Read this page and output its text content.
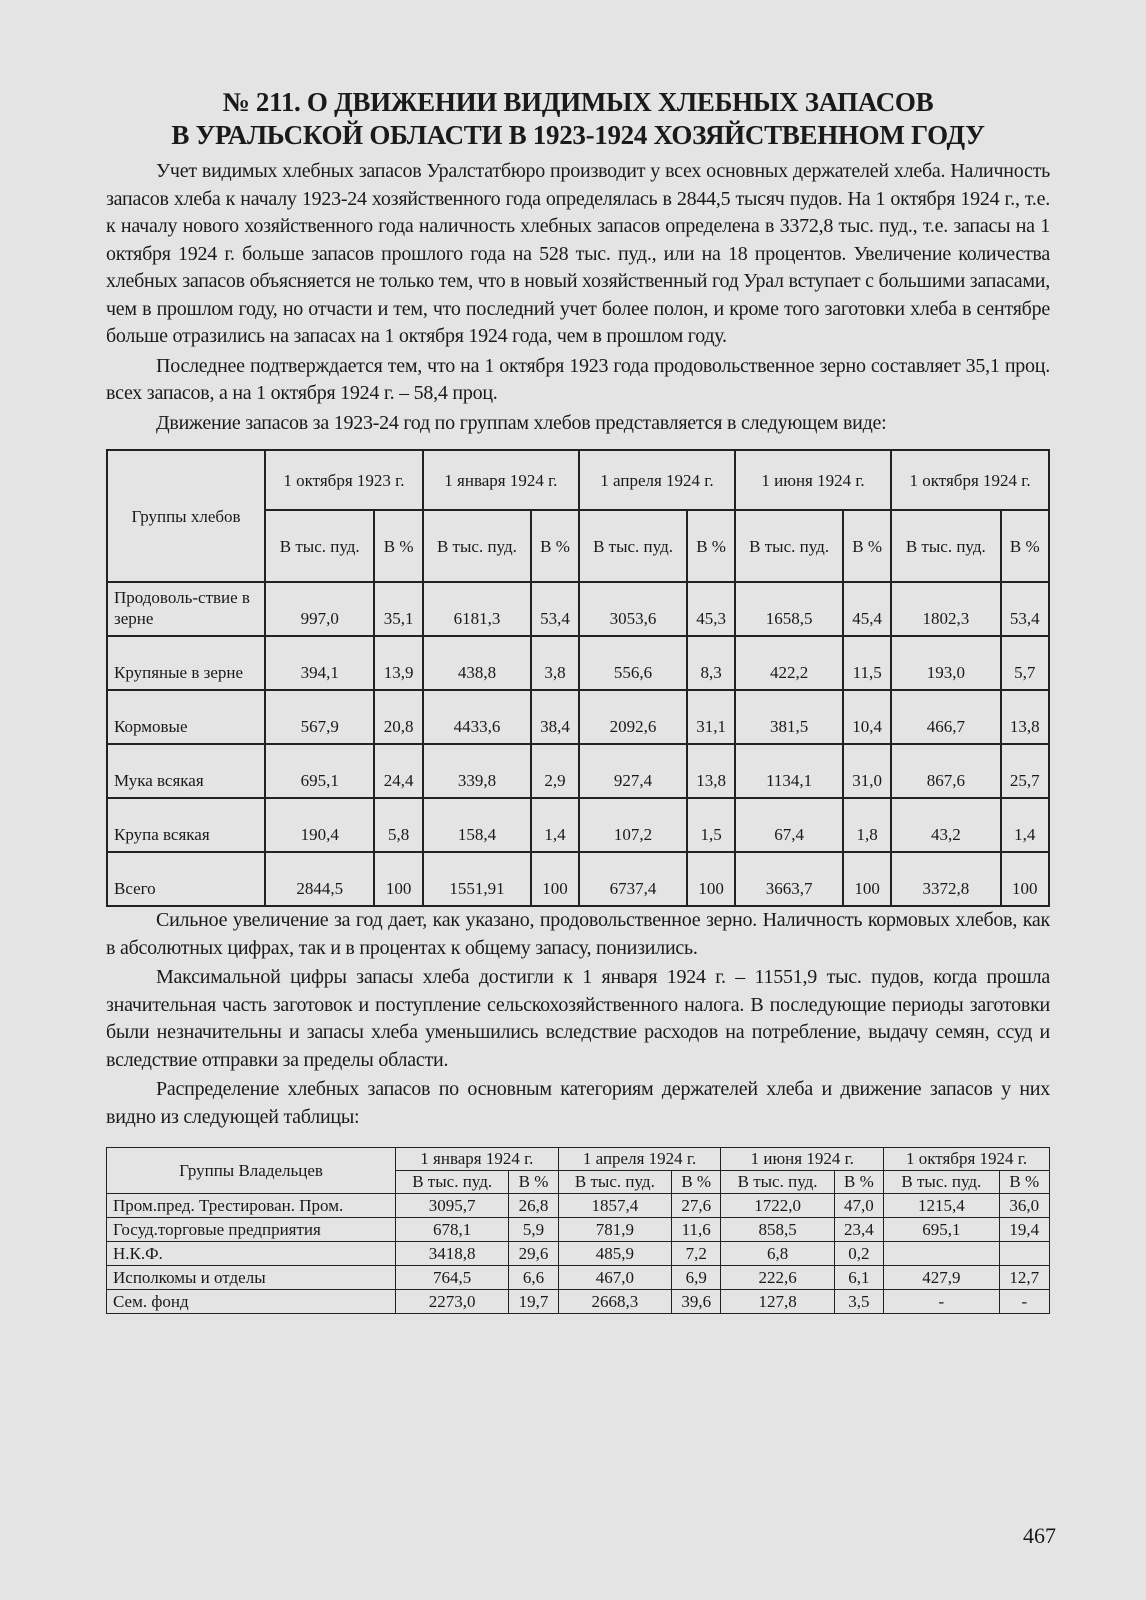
№ 211. О ДВИЖЕНИИ ВИДИМЫХ ХЛЕБНЫХ ЗАПАСОВ
В УРАЛЬСКОЙ ОБЛАСТИ В 1923-1924 ХОЗЯЙСТВЕННОМ ГОДУ

Учет видимых хлебных запасов Уралстатбюро производит у всех основных держателей хлеба. Наличность запасов хлеба к началу 1923-24 хозяйственного года определялась в 2844,5 тысяч пудов. На 1 октября 1924 г., т.е. к началу нового хозяйственного года наличность хлебных запасов определена в 3372,8 тыс. пуд., т.е. запасы на 1 октября 1924 г. больше запасов прошлого года на 528 тыс. пуд., или на 18 процентов. Увеличение количества хлебных запасов объясняется не только тем, что в новый хозяйственный год Урал вступает с большими запасами, чем в прошлом году, но отчасти и тем, что последний учет более полон, и кроме того заготовки хлеба в сентябре больше отразились на запасах на 1 октября 1924 года, чем в прошлом году.

Последнее подтверждается тем, что на 1 октября 1923 года продовольственное зерно составляет 35,1 проц. всех запасов, а на 1 октября 1924 г. – 58,4 проц.

Движение запасов за 1923-24 год по группам хлебов представляется в следующем виде:

Группы хлебов	1 октября 1923 г.		1 января 1924 г.		1 апреля 1924 г.		1 июня 1924 г.		1 октября 1924 г.	
	В тыс. пуд.	В %	В тыс. пуд.	В %	В тыс. пуд.	В %	В тыс. пуд.	В %	В тыс. пуд.	В %
Продоволь-ствие в зерне	997,0	35,1	6181,3	53,4	3053,6	45,3	1658,5	45,4	1802,3	53,4
Крупяные в зерне	394,1	13,9	438,8	3,8	556,6	8,3	422,2	11,5	193,0	5,7
Кормовые	567,9	20,8	4433,6	38,4	2092,6	31,1	381,5	10,4	466,7	13,8
Мука всякая	695,1	24,4	339,8	2,9	927,4	13,8	1134,1	31,0	867,6	25,7
Крупа всякая	190,4	5,8	158,4	1,4	107,2	1,5	67,4	1,8	43,2	1,4
Всего	2844,5	100	1551,91	100	6737,4	100	3663,7	100	3372,8	100

Сильное увеличение за год дает, как указано, продовольственное зерно. Наличность кормовых хлебов, как в абсолютных цифрах, так и в процентах к общему запасу, понизились.

Максимальной цифры запасы хлеба достигли к 1 января 1924 г. – 11551,9 тыс. пудов, когда прошла значительная часть заготовок и поступление сельскохозяйственного налога. В последующие периоды заготовки были незначительны и запасы хлеба уменьшились вследствие расходов на потребление, выдачу семян, ссуд и вследствие отправки за пределы области.

Распределение хлебных запасов по основным категориям держателей хлеба и движение запасов у них видно из следующей таблицы:

Группы Владельцев	1 января 1924 г.		1 апреля 1924 г.		1 июня 1924 г.		1 октября 1924 г.	
	В тыс. пуд.	В %	В тыс. пуд.	В %	В тыс. пуд.	В %	В тыс. пуд.	В %
Пром.пред. Трестирован. Пром.	3095,7	26,8	1857,4	27,6	1722,0	47,0	1215,4	36,0
Госуд.торговые предприятия	678,1	5,9	781,9	11,6	858,5	23,4	695,1	19,4
Н.К.Ф.	3418,8	29,6	485,9	7,2	6,8	0,2		
Исполкомы и отделы	764,5	6,6	467,0	6,9	222,6	6,1	427,9	12,7
Сем. фонд	2273,0	19,7	2668,3	39,6	127,8	3,5	-	-
467
